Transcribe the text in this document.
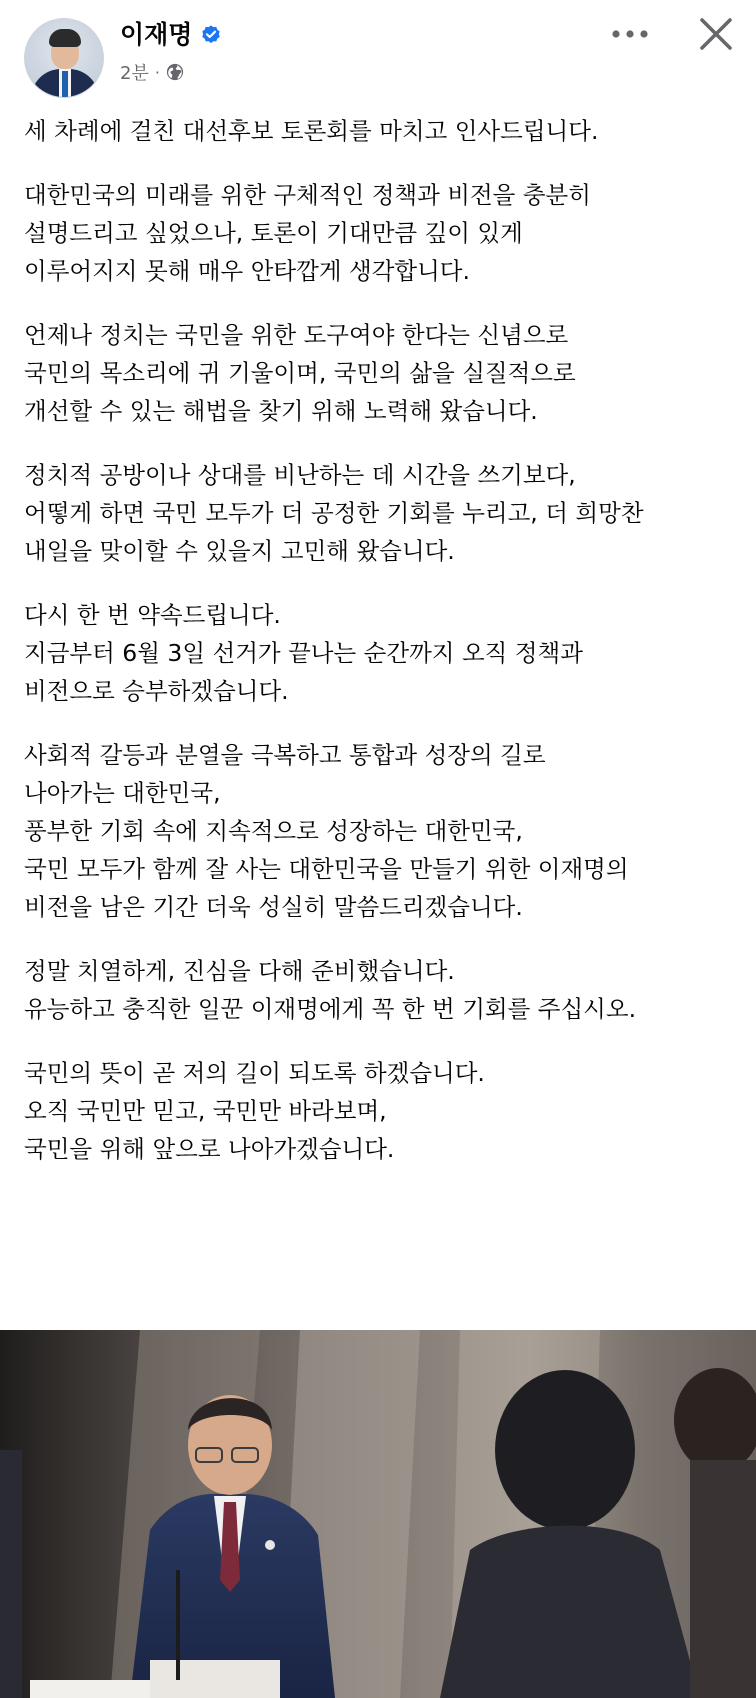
이재명
2분 ·

세 차례에 걸친 대선후보 토론회를 마치고 인사드립니다.

대한민국의 미래를 위한 구체적인 정책과 비전을 충분히
설명드리고 싶었으나, 토론이 기대만큼 깊이 있게
이루어지지 못해 매우 안타깝게 생각합니다.

언제나 정치는 국민을 위한 도구여야 한다는 신념으로
국민의 목소리에 귀 기울이며, 국민의 삶을 실질적으로
개선할 수 있는 해법을 찾기 위해 노력해 왔습니다.

정치적 공방이나 상대를 비난하는 데 시간을 쓰기보다,
어떻게 하면 국민 모두가 더 공정한 기회를 누리고, 더 희망찬
내일을 맞이할 수 있을지 고민해 왔습니다.

다시 한 번 약속드립니다.
지금부터 6월 3일 선거가 끝나는 순간까지 오직 정책과
비전으로 승부하겠습니다.

사회적 갈등과 분열을 극복하고 통합과 성장의 길로
나아가는 대한민국,
풍부한 기회 속에 지속적으로 성장하는 대한민국,
국민 모두가 함께 잘 사는 대한민국을 만들기 위한 이재명의
비전을 남은 기간 더욱 성실히 말씀드리겠습니다.

정말 치열하게, 진심을 다해 준비했습니다.
유능하고 충직한 일꾼 이재명에게 꼭 한 번 기회를 주십시오.

국민의 뜻이 곧 저의 길이 되도록 하겠습니다.
오직 국민만 믿고, 국민만 바라보며,
국민을 위해 앞으로 나아가겠습니다.
